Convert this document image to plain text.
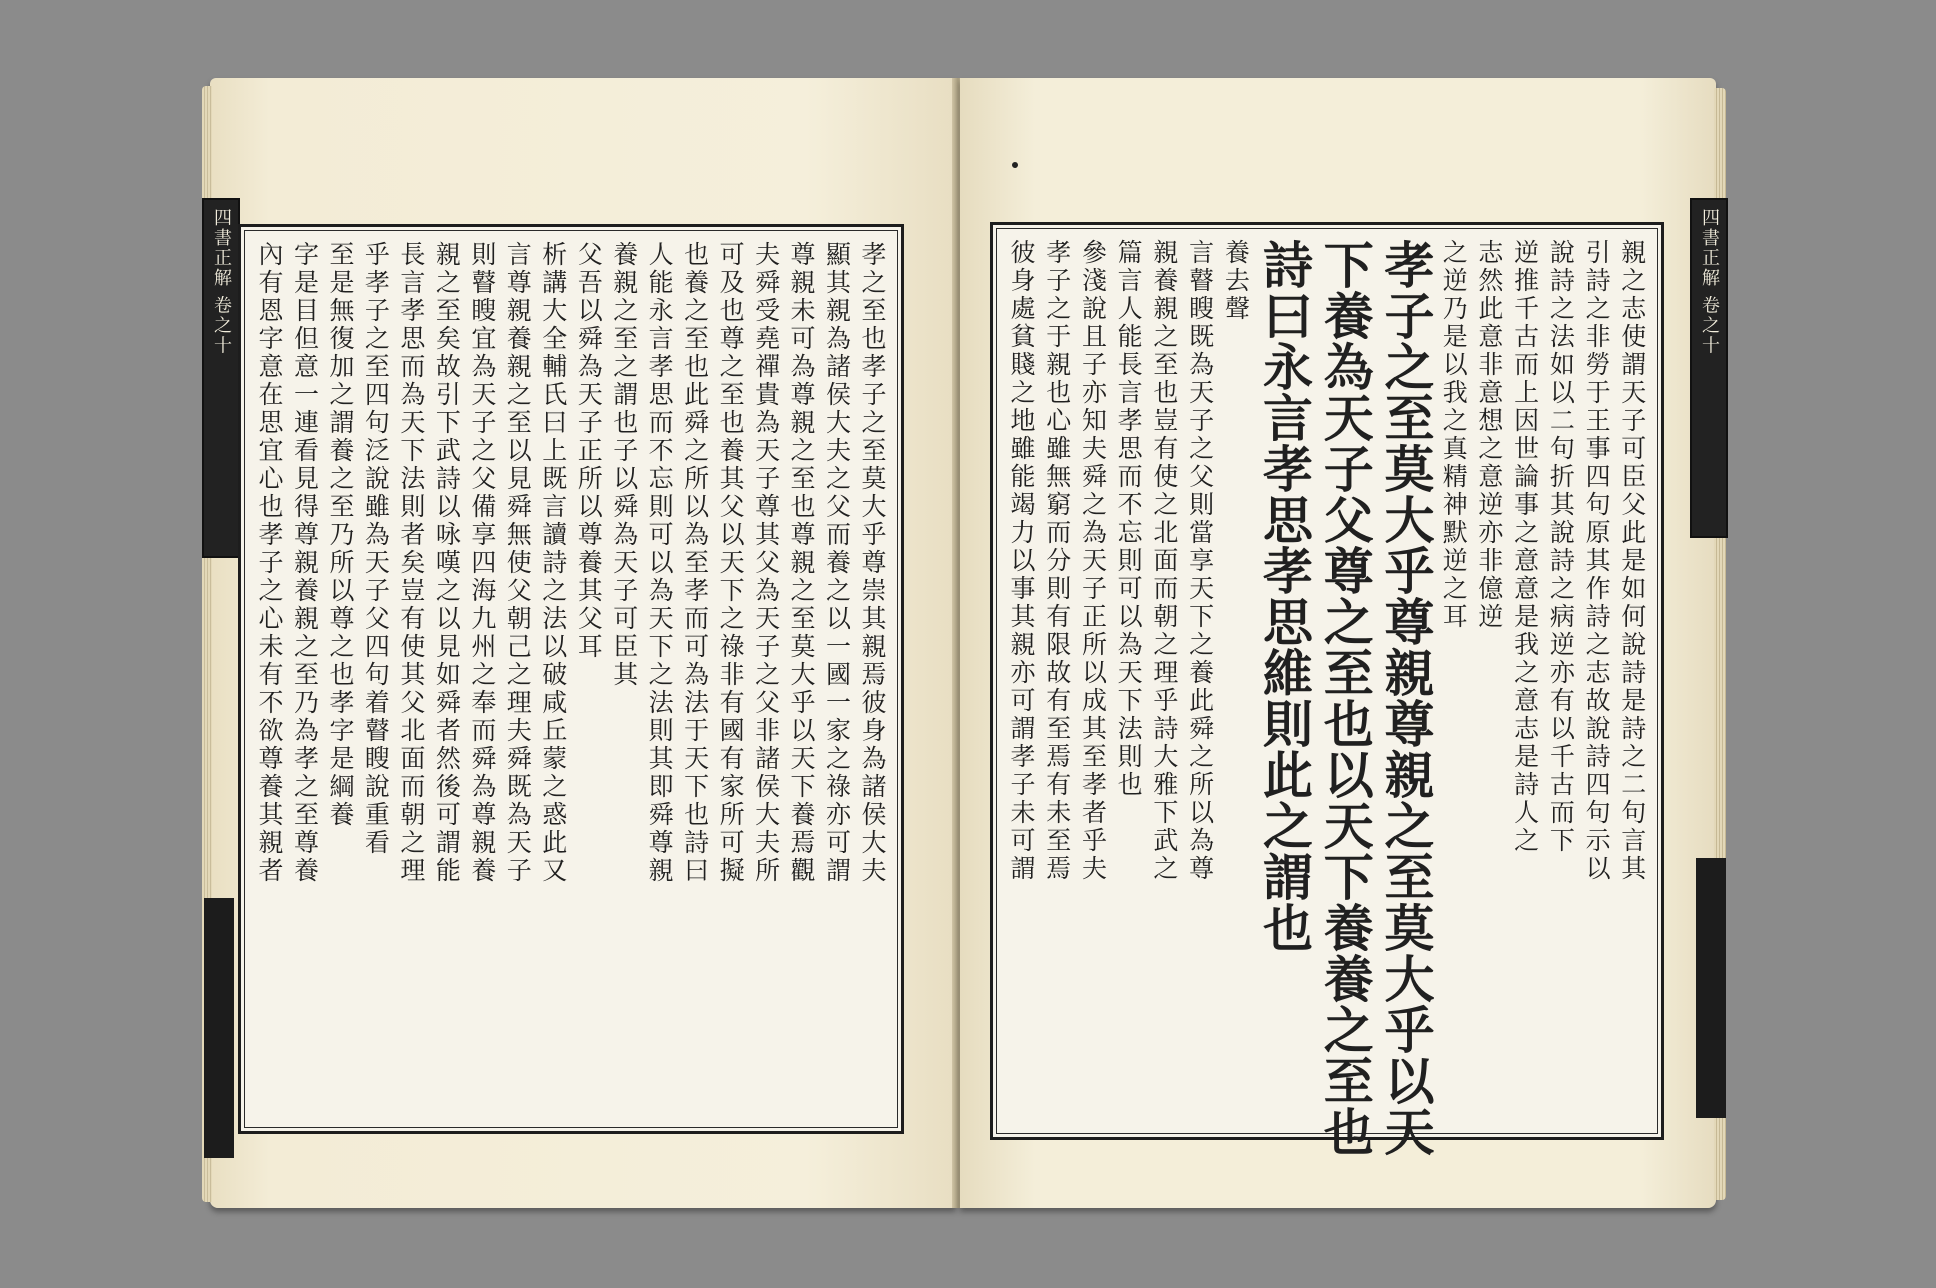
四書正解 卷之十	孝之至也孝子之至莫大乎尊崇其親焉彼身為諸侯大夫
顯其親為諸侯大夫之父而養之以一國一家之祿亦可謂
尊親未可為尊親之至也尊親之至莫大乎以天下養焉觀
夫舜受堯禪貴為天子尊其父為天子之父非諸侯大夫所
可及也尊之至也養其父以天下之祿非有國有家所可擬
也養之至也此舜之所以為至孝而可為法于天下也詩曰
人能永言孝思而不忘則可以為天下之法則其即舜尊親
養親之至之謂也子以舜為天子可臣其
父吾以舜為天子正所以尊養其父耳
析講大全輔氏曰上既言讀詩之法以破咸丘蒙之惑此又
言尊親養親之至以見舜無使父朝己之理夫舜既為天子
則瞽瞍宜為天子之父備享四海九州之奉而舜為尊親養
親之至矣故引下武詩以咏嘆之以見如舜者然後可謂能
長言孝思而為天下法則者矣豈有使其父北面而朝之理
乎孝子之至四句泛說雖為天子父四句着瞽瞍說重看
至是無復加之謂養之至乃所以尊之也孝字是綱養
字是目但意一連看見得尊親養親之至乃為孝之至尊養
內有恩字意在思宜心也孝子之心未有不欲尊養其親者	四書正解 卷之十
親之志使謂天子可臣父此是如何說詩是詩之二句言其
引詩之非勞于王事四句原其作詩之志故說詩四句示以
說詩之法如以二句折其說詩之病逆亦有以千古而下
逆推千古而上因世論事之意意是我之意志是詩人之
志然此意非意想之意逆亦非億逆
之逆乃是以我之真精神默逆之耳
孝子之至莫大乎尊親尊親之至莫大乎以天
下養為天子父尊之至也以天下養養之至也
詩曰永言孝思孝思維則此之謂也
養去聲
言瞽瞍既為天子之父則當享天下之養此舜之所以為尊
親養親之至也豈有使之北面而朝之理乎詩大雅下武之
篇言人能長言孝思而不忘則可以為天下法則也
參淺說且子亦知夫舜之為天子正所以成其至孝者乎夫
孝子之于親也心雖無窮而分則有限故有至焉有未至焉
彼身處貧賤之地雖能竭力以事其親亦可謂孝子未可謂
